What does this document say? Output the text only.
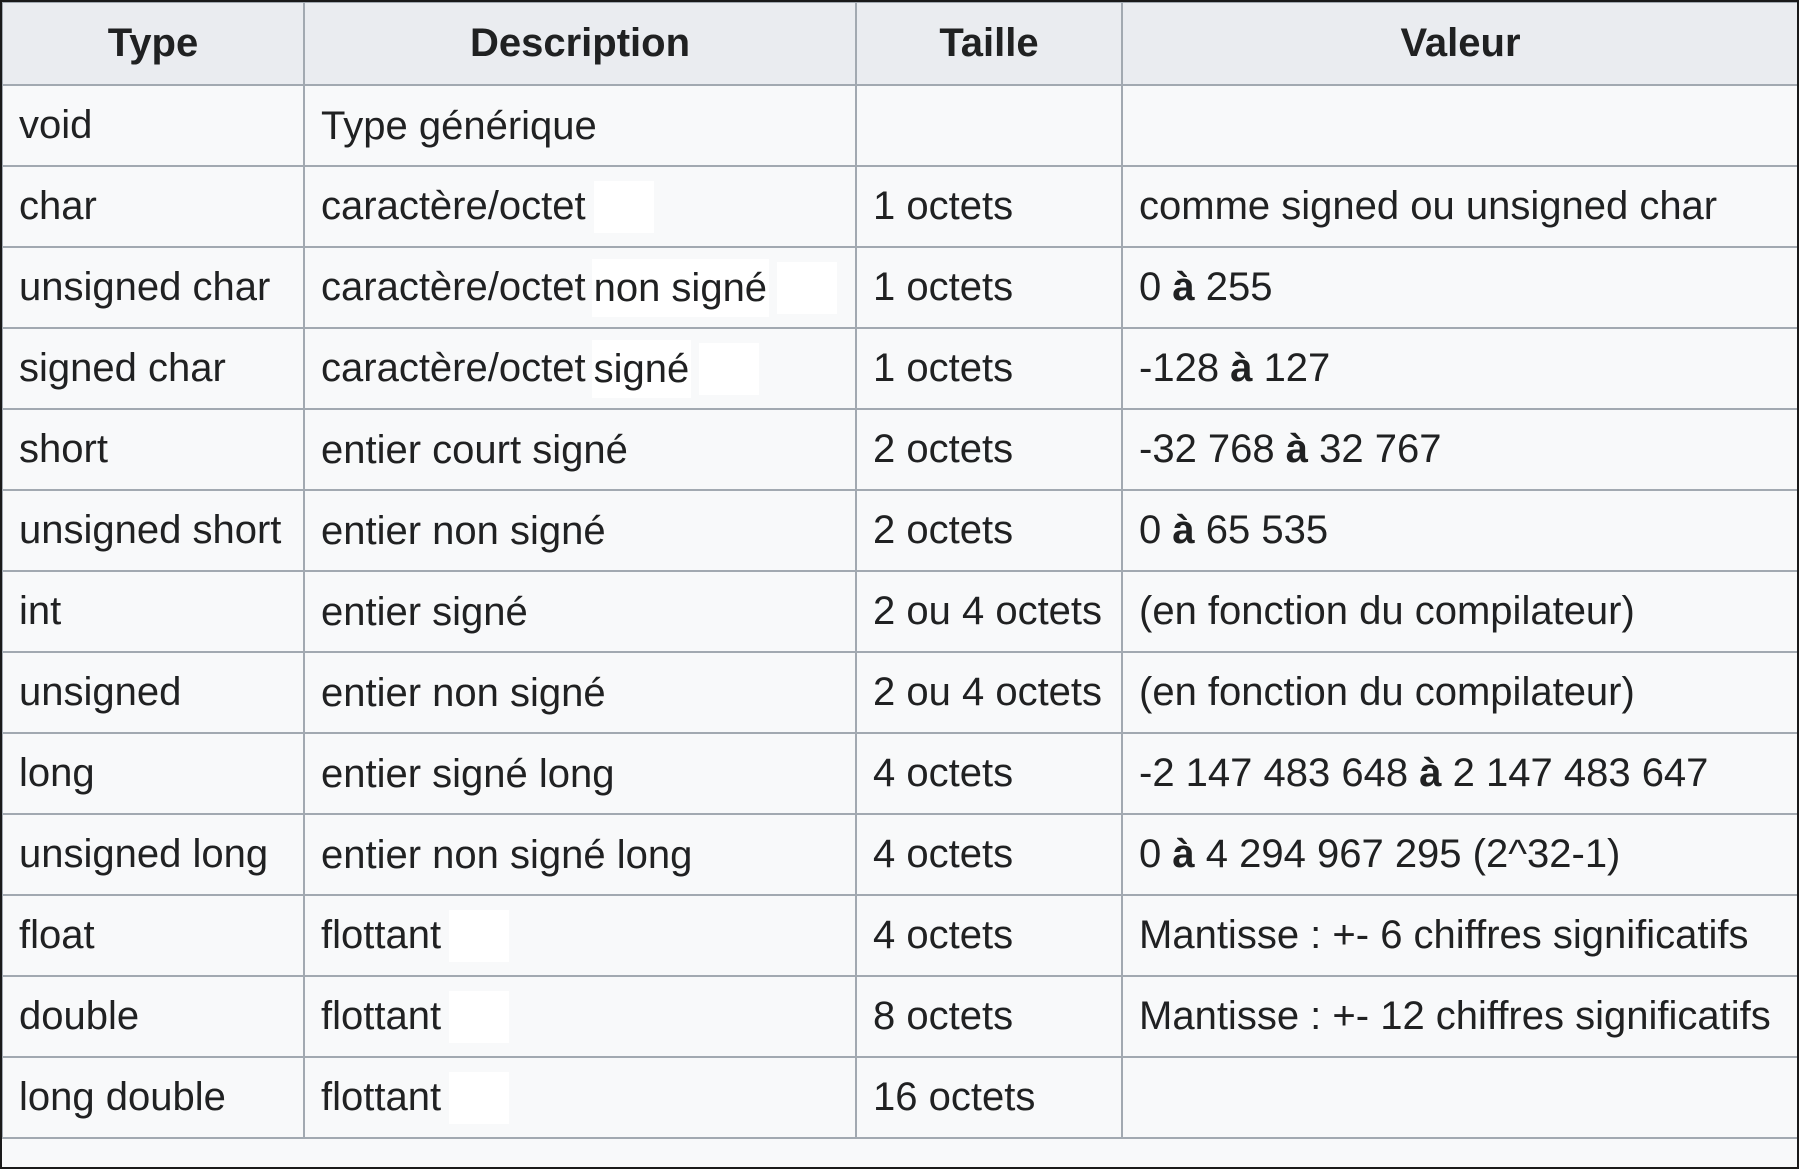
Type	Description	Taille	Valeur
void	Type générique		
char	caractère/octet	1 octets	comme signed ou unsigned char
unsigned char	caractère/octet non signé	1 octets	0 à 255
signed char	caractère/octet signé	1 octets	-128 à 127
short	entier court signé	2 octets	-32 768 à 32 767
unsigned short	entier non signé	2 octets	0 à 65 535
int	entier signé	2 ou 4 octets	(en fonction du compilateur)
unsigned	entier non signé	2 ou 4 octets	(en fonction du compilateur)
long	entier signé long	4 octets	-2 147 483 648 à 2 147 483 647
unsigned long	entier non signé long	4 octets	0 à 4 294 967 295 (2^32-1)
float	flottant	4 octets	Mantisse : +- 6 chiffres significatifs
double	flottant	8 octets	Mantisse : +- 12 chiffres significatifs
long double	flottant	16 octets	
